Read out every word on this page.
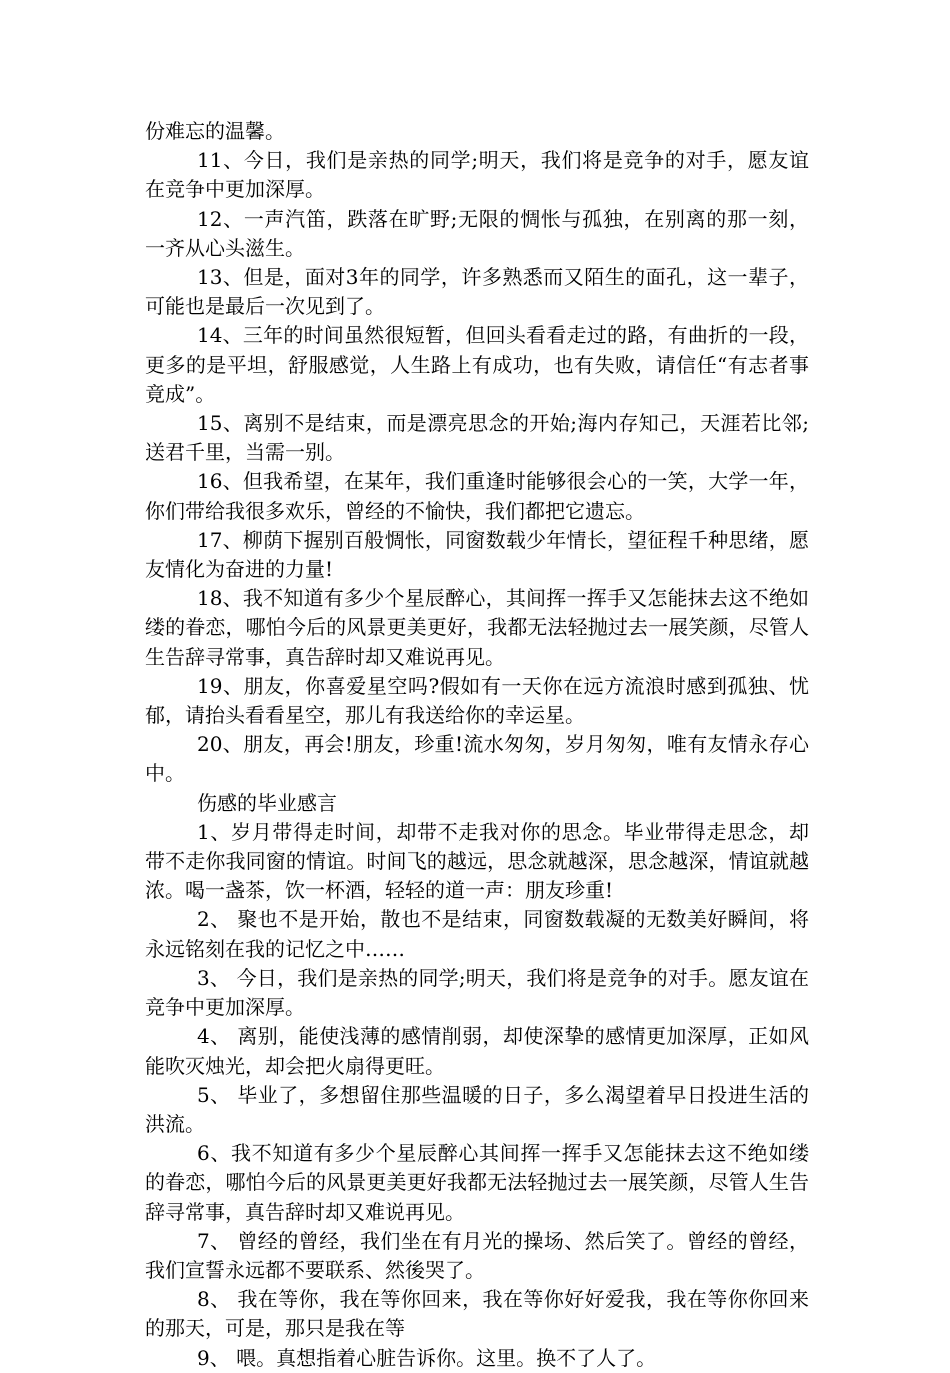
份难忘的温馨。

11、今日，我们是亲热的同学;明天，我们将是竞争的对手，愿友谊在竞争中更加深厚。

12、一声汽笛，跌落在旷野;无限的惆怅与孤独，在别离的那一刻，一齐从心头滋生。

13、但是，面对3年的同学，许多熟悉而又陌生的面孔，这一辈子，可能也是最后一次见到了。

14、三年的时间虽然很短暂，但回头看看走过的路，有曲折的一段，更多的是平坦，舒服感觉，人生路上有成功，也有失败，请信任“有志者事竟成”。

15、离别不是结束，而是漂亮思念的开始;海内存知己，天涯若比邻;送君千里，当需一别。

16、但我希望，在某年，我们重逢时能够很会心的一笑，大学一年，你们带给我很多欢乐，曾经的不愉快，我们都把它遗忘。

17、柳荫下握别百般惆怅，同窗数载少年情长，望征程千种思绪，愿友情化为奋进的力量!

18、我不知道有多少个星辰醉心，其间挥一挥手又怎能抹去这不绝如缕的眷恋，哪怕今后的风景更美更好，我都无法轻抛过去一展笑颜，尽管人生告辞寻常事，真告辞时却又难说再见。

19、朋友，你喜爱星空吗?假如有一天你在远方流浪时感到孤独、忧郁，请抬头看看星空，那儿有我送给你的幸运星。

20、朋友，再会!朋友，珍重!流水匆匆，岁月匆匆，唯有友情永存心中。

伤感的毕业感言

1、岁月带得走时间，却带不走我对你的思念。毕业带得走思念，却带不走你我同窗的情谊。时间飞的越远，思念就越深，思念越深，情谊就越浓。喝一盏茶，饮一杯酒，轻轻的道一声：朋友珍重!

2、 聚也不是开始，散也不是结束，同窗数载凝的无数美好瞬间，将永远铭刻在我的记忆之中……

3、 今日，我们是亲热的同学;明天，我们将是竞争的对手。愿友谊在竞争中更加深厚。

4、 离别，能使浅薄的感情削弱，却使深挚的感情更加深厚，正如风能吹灭烛光，却会把火扇得更旺。

5、 毕业了，多想留住那些温暖的日子，多么渴望着早日投进生活的洪流。

6、我不知道有多少个星辰醉心其间挥一挥手又怎能抹去这不绝如缕的眷恋，哪怕今后的风景更美更好我都无法轻抛过去一展笑颜，尽管人生告辞寻常事，真告辞时却又难说再见。

7、 曾经的曾经，我们坐在有月光的操场、然后笑了。曾经的曾经，我们宣誓永远都不要联系、然後哭了。

8、 我在等你，我在等你回来，我在等你好好爱我，我在等你你回来的那天，可是，那只是我在等

9、 喂。真想指着心脏告诉你。这里。换不了人了。
